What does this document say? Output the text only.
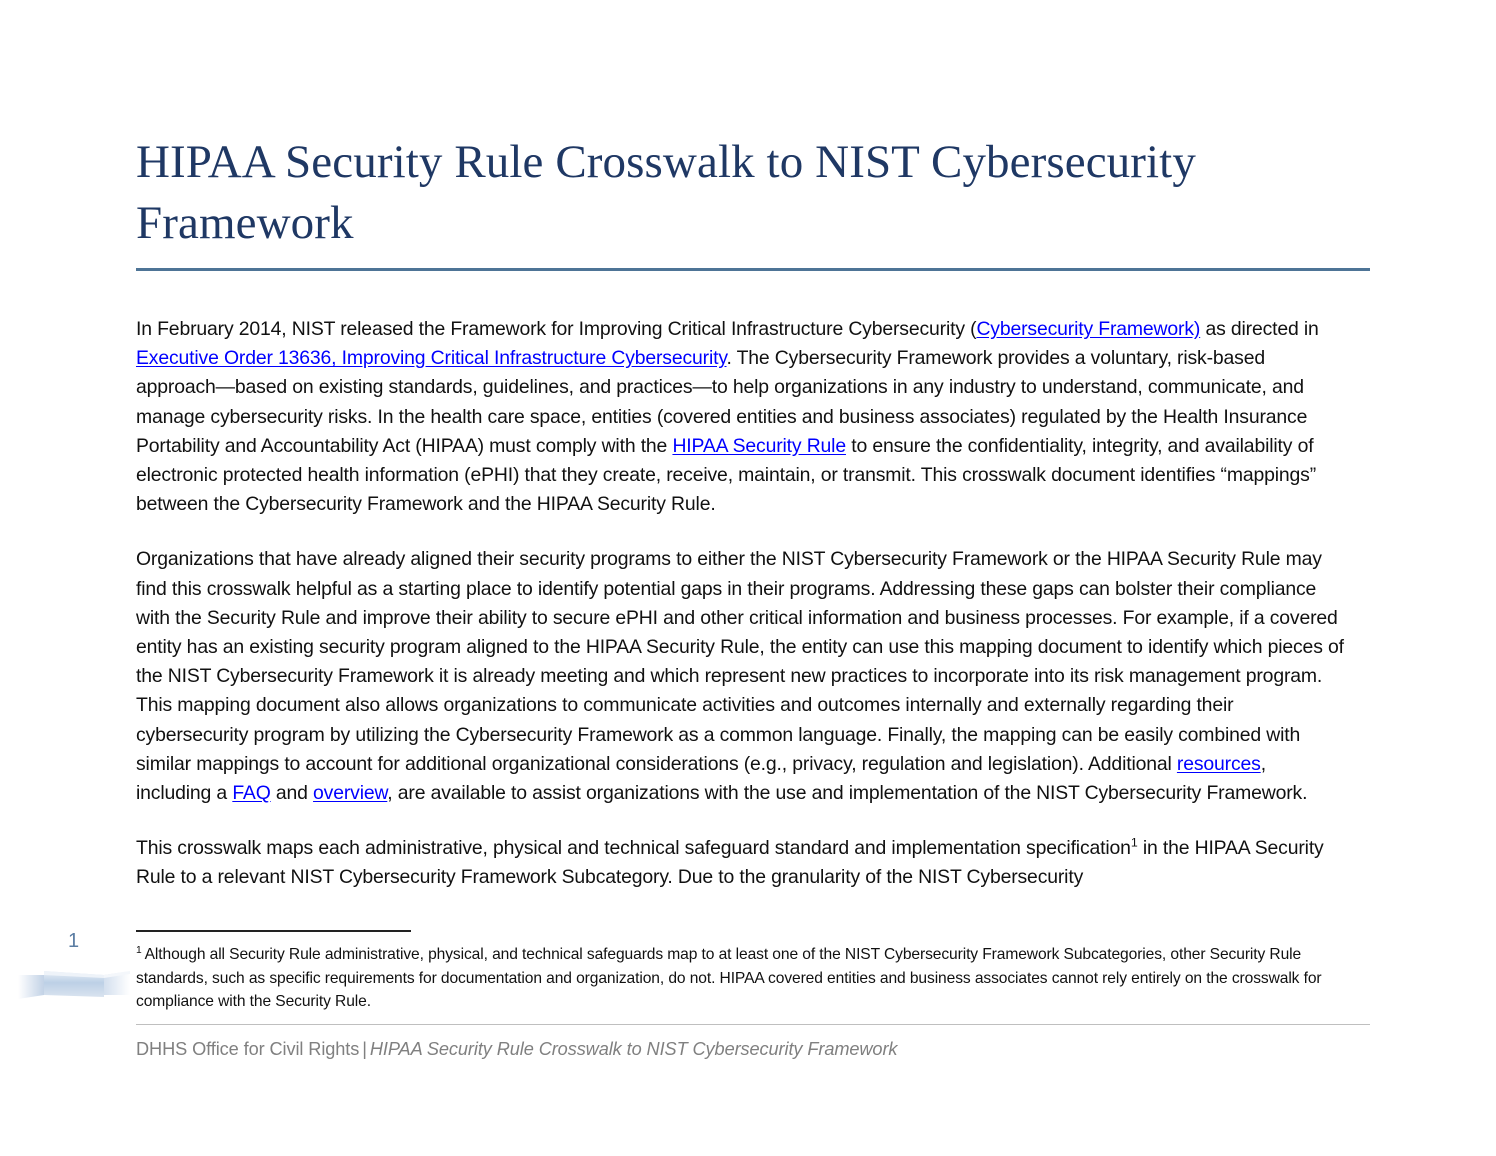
HIPAA Security Rule Crosswalk to NIST Cybersecurity Framework

In February 2014, NIST released the Framework for Improving Critical Infrastructure Cybersecurity (Cybersecurity Framework) as directed in Executive Order 13636, Improving Critical Infrastructure Cybersecurity. The Cybersecurity Framework provides a voluntary, risk-based approach—based on existing standards, guidelines, and practices—to help organizations in any industry to understand, communicate, and manage cybersecurity risks. In the health care space, entities (covered entities and business associates) regulated by the Health Insurance Portability and Accountability Act (HIPAA) must comply with the HIPAA Security Rule to ensure the confidentiality, integrity, and availability of electronic protected health information (ePHI) that they create, receive, maintain, or transmit. This crosswalk document identifies “mappings” between the Cybersecurity Framework and the HIPAA Security Rule.

Organizations that have already aligned their security programs to either the NIST Cybersecurity Framework or the HIPAA Security Rule may find this crosswalk helpful as a starting place to identify potential gaps in their programs. Addressing these gaps can bolster their compliance with the Security Rule and improve their ability to secure ePHI and other critical information and business processes. For example, if a covered entity has an existing security program aligned to the HIPAA Security Rule, the entity can use this mapping document to identify which pieces of the NIST Cybersecurity Framework it is already meeting and which represent new practices to incorporate into its risk management program. This mapping document also allows organizations to communicate activities and outcomes internally and externally regarding their cybersecurity program by utilizing the Cybersecurity Framework as a common language. Finally, the mapping can be easily combined with similar mappings to account for additional organizational considerations (e.g., privacy, regulation and legislation). Additional resources, including a FAQ and overview, are available to assist organizations with the use and implementation of the NIST Cybersecurity Framework.

This crosswalk maps each administrative, physical and technical safeguard standard and implementation specification$^1$ in the HIPAA Security Rule to a relevant NIST Cybersecurity Framework Subcategory. Due to the granularity of the NIST Cybersecurity

$^1$ Although all Security Rule administrative, physical, and technical safeguards map to at least one of the NIST Cybersecurity Framework Subcategories, other Security Rule standards, such as specific requirements for documentation and organization, do not. HIPAA covered entities and business associates cannot rely entirely on the crosswalk for compliance with the Security Rule.

DHHS Office for Civil Rights | HIPAA Security Rule Crosswalk to NIST Cybersecurity Framework
1
